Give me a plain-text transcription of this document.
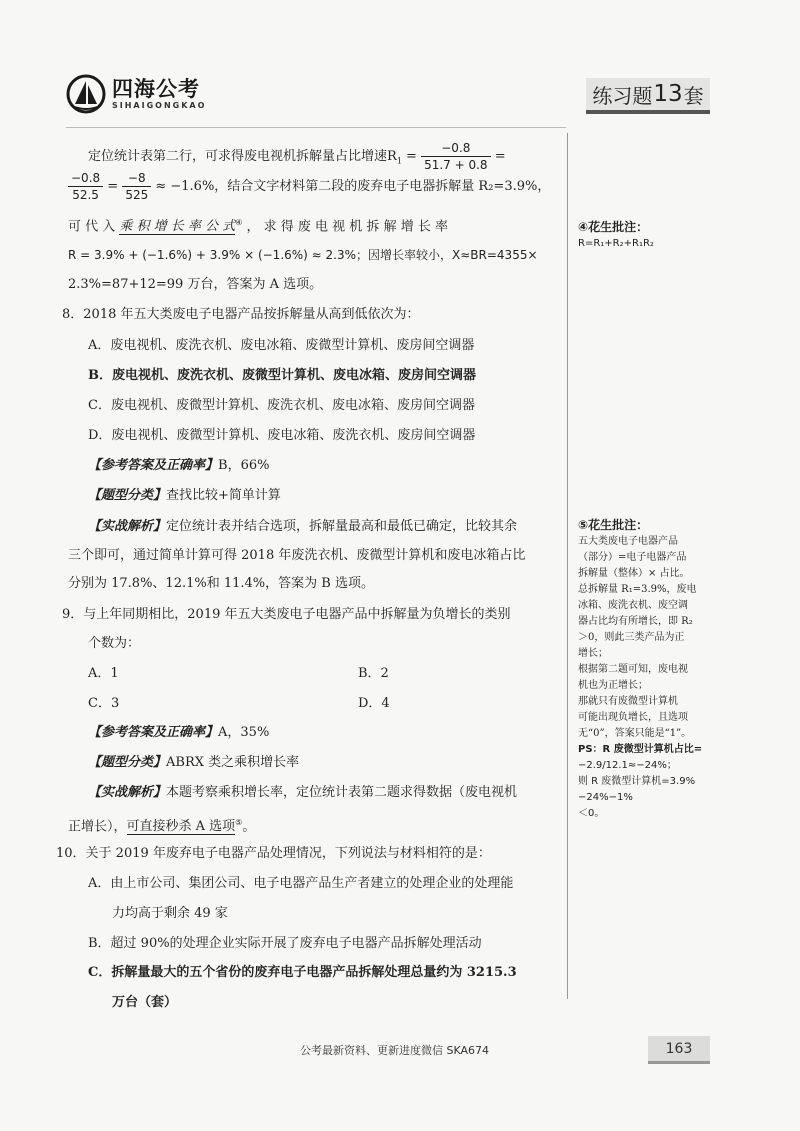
四海公考
SIHAIGONGKAO	练习题 13 套
定位统计表第二行，可求得废电视机拆解量占比增速$R_1 = \frac{-0.8}{51.7 + 0.8}$ =
$\frac{-0.8}{52.5} = \frac{-8}{525} \approx -1.6\%$，结合文字材料第二段的废弃电子电器拆解量 R₂=3.9%，
可 代 入 乘 积 增 长 率 公 式④ ， 求 得 废 电 视 机 拆 解 增 长 率
R = 3.9% + (−1.6%) + 3.9% × (−1.6%) ≈ 2.3%；因增长率较小，X≈BR=4355×
2.3%=87+12=99 万台，答案为 A 选项。
8．2018 年五大类废电子电器产品按拆解量从高到低依次为：
A．废电视机、废洗衣机、废电冰箱、废微型计算机、废房间空调器
B．废电视机、废洗衣机、废微型计算机、废电冰箱、废房间空调器
C．废电视机、废微型计算机、废洗衣机、废电冰箱、废房间空调器
D．废电视机、废微型计算机、废电冰箱、废洗衣机、废房间空调器
【参考答案及正确率】B，66%
【题型分类】查找比较+简单计算
【实战解析】定位统计表并结合选项，拆解量最高和最低已确定，比较其余
三个即可，通过简单计算可得 2018 年废洗衣机、废微型计算机和废电冰箱占比
分别为 17.8%、12.1%和 11.4%，答案为 B 选项。
9．与上年同期相比，2019 年五大类废电子电器产品中拆解量为负增长的类别
个数为：
A．1	B．2
C．3	D．4
【参考答案及正确率】A，35%
【题型分类】ABRX 类之乘积增长率
【实战解析】本题考察乘积增长率，定位统计表第二题求得数据（废电视机
正增长），可直接秒杀 A 选项⑤。
10．关于 2019 年废弃电子电器产品处理情况，下列说法与材料相符的是：
A．由上市公司、集团公司、电子电器产品生产者建立的处理企业的处理能
力均高于剩余 49 家
B．超过 90%的处理企业实际开展了废弃电子电器产品拆解处理活动
C．拆解量最大的五个省份的废弃电子电器产品拆解处理总量约为 3215.3
万台（套）
④花生批注：
R=R₁+R₂+R₁R₂
⑤花生批注：
五大类废电子电器产品
（部分）=电子电器产品
拆解量（整体）× 占比。
总拆解量 R₁=3.9%，废电
冰箱、废洗衣机、废空调
器占比均有所增长，即 R₂
＞0，则此三类产品为正
增长；
根据第二题可知，废电视
机也为正增长；
那就只有废微型计算机
可能出现负增长，且选项
无“0”，答案只能是“1”。
PS：R 废微型计算机占比=
−2.9/12.1≈−24%；
则 R 废微型计算机=3.9%−24%−1%
＜0。
公考最新资料、更新进度微信 SKA674	163
